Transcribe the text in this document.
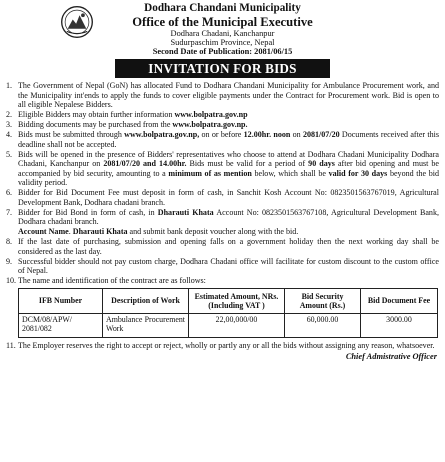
Dodhara Chandani Municipality
Office of the Municipal Executive
Dodhara Chadani, Kanchanpur
Sudurpaschim Province, Nepal
Second Date of Publication: 2081/06/15
INVITATION FOR BIDS
1. The Government of Nepal (GoN) has allocated Fund to Dodhara Chandani Municipality for Ambulance Procurement work, and the Municipality int'ends to apply the funds to cover eligible payments under the Contract for Procurement work. Bid is open to all eligible Nepalese Bidders.
2. Eligible Bidders may obtain further information www.bolpatra.gov.np
3. Bidding documents may be purchased from the www.bolpatra.gov.np.
4. Bids must be submitted through www.bolpatra.gov.np, on or before 12.00hr. noon on 2081/07/20 Documents received after this deadline shall not be accepted.
5. Bids will be opened in the presence of Bidders' representatives who choose to attend at Dodhara Chadani Municipality Dodhara Chadani, Kanchanpur on 2081/07/20 and 14.00hr. Bids must be valid for a period of 90 days after bid opening and must be accompanied by bid security, amounting to a minimum of as mention below, which shall be valid for 30 days beyond the bid validity period.
6. Bidder for Bid Document Fee must deposit in form of cash, in Sanchit Kosh Account No: 0823501563767019, Agricultural Development Bank, Dodhara chadani branch.
7. Bidder for Bid Bond in form of cash, in Dharauti Khata Account No: 0823501563767108, Agricultural Development Bank, Dodhara chadani branch.
Account Name. Dharauti Khata and submit bank deposit voucher along with the bid.
8. If the last date of purchasing, submission and opening falls on a government holiday then the next working day shall be considered as the last day.
9. Successful bidder should not pay custom charge, Dodhara Chadani office will facilitate for custom discount to the custom office of Nepal.
10. The name and identification of the contract are as follows:
IFB Number	Description of Work	Estimated Amount, NRs. (Including VAT )	Bid Security Amount (Rs.)	Bid Document Fee
DCM/08/APW/ 2081/082	Ambulance Procurement Work	22,00,000/00	60,000.00	3000.00
11. The Employer reserves the right to accept or reject, wholly or partly any or all the bids without assigning any reason, whatsoever.
Chief Admistrative Officer
